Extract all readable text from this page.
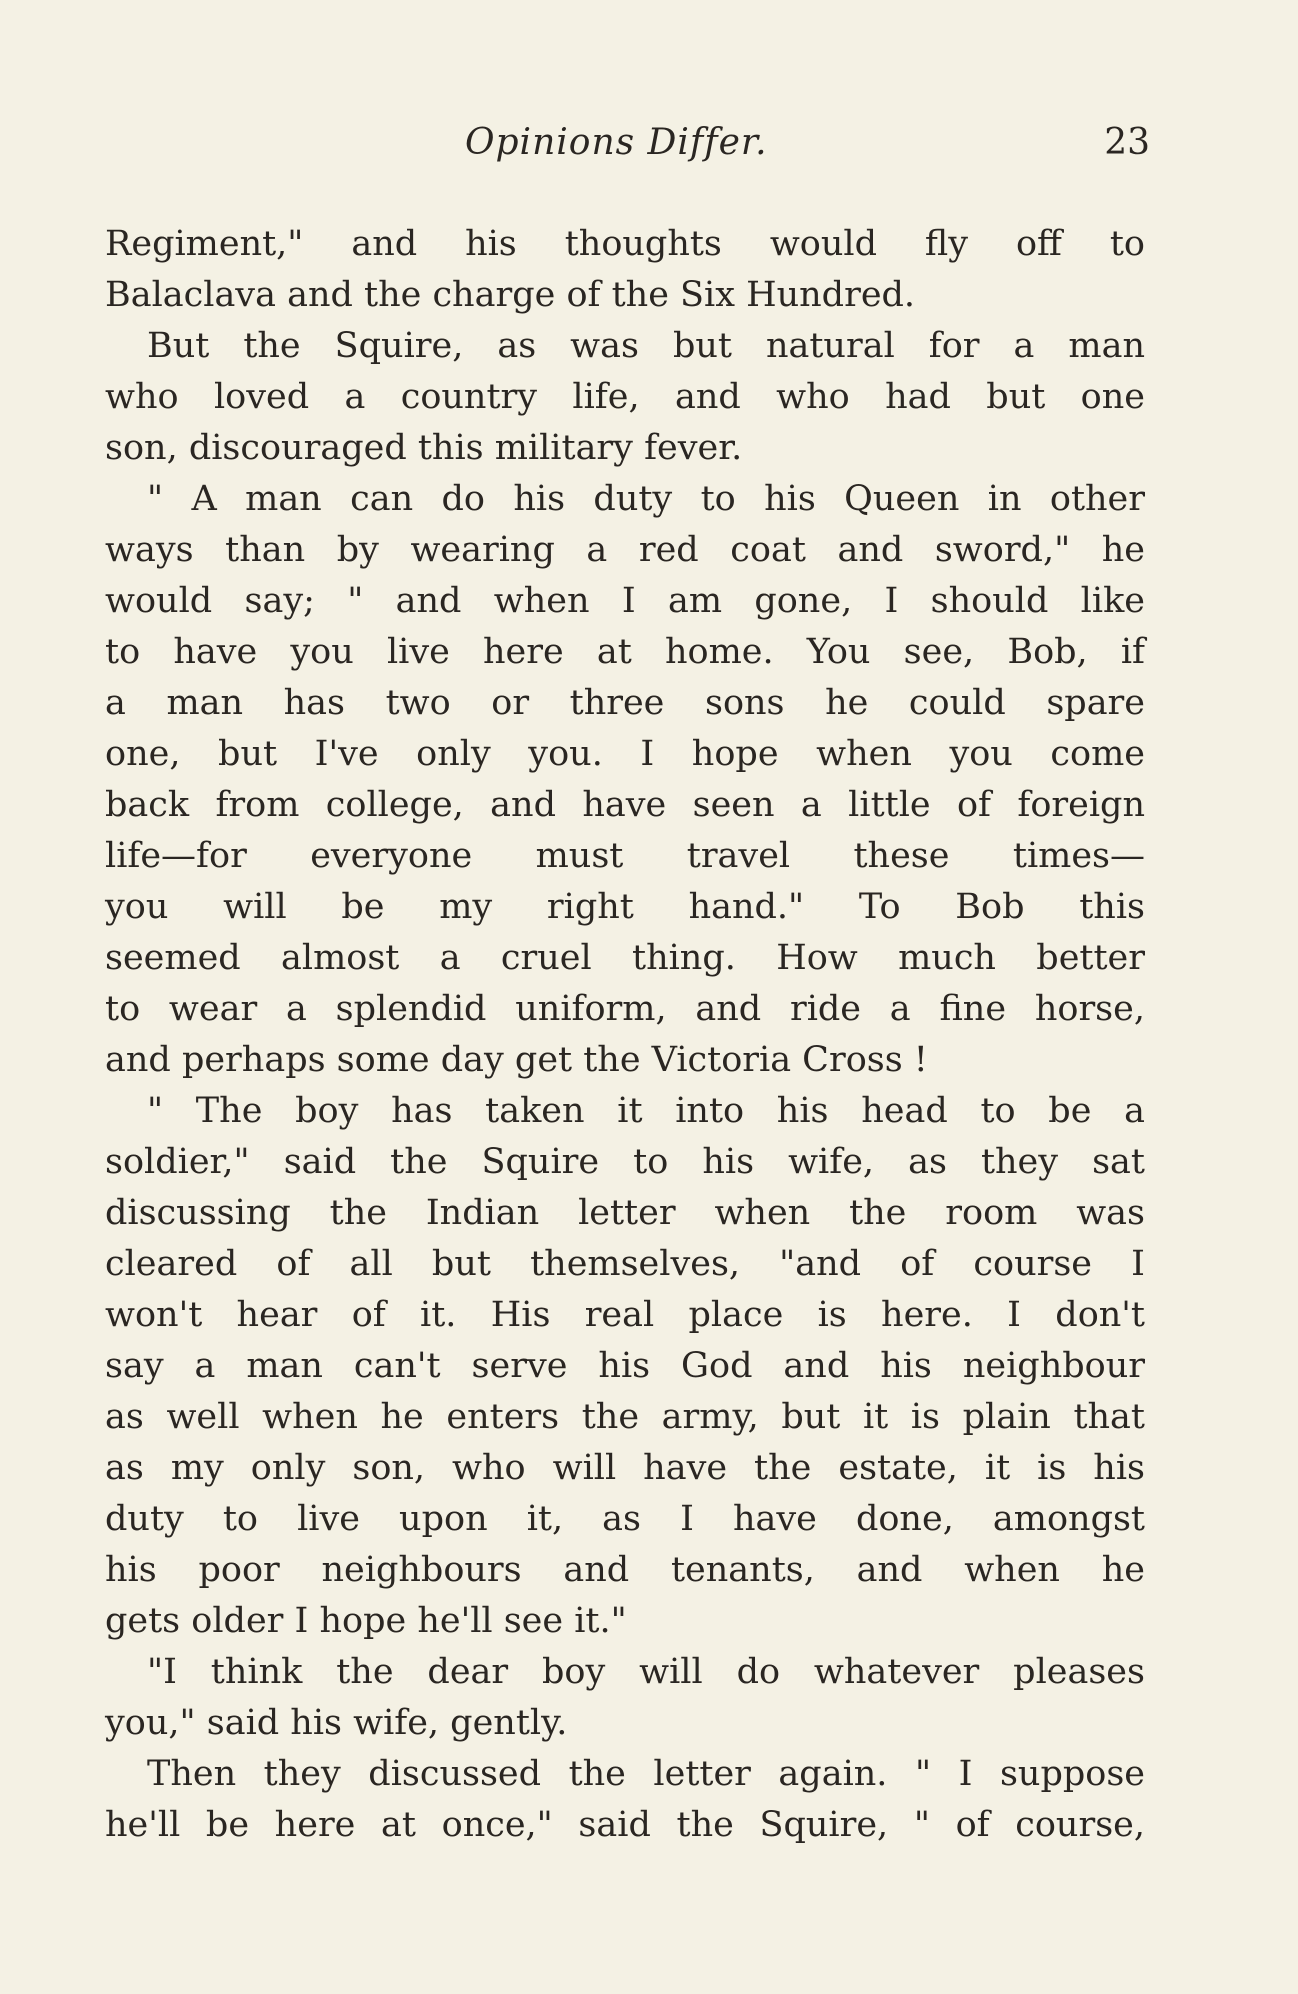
Opinions Differ.	23
Regiment," and his thoughts would fly off to
Balaclava and the charge of the Six Hundred.
But the Squire, as was but natural for a man
who loved a country life, and who had but one
son, discouraged this military fever.
" A man can do his duty to his Queen in other
ways than by wearing a red coat and sword," he
would say; " and when I am gone, I should like
to have you live here at home. You see, Bob, if
a man has two or three sons he could spare
one, but I've only you. I hope when you come
back from college, and have seen a little of foreign
life—for everyone must travel these times—
you will be my right hand." To Bob this
seemed almost a cruel thing. How much better
to wear a splendid uniform, and ride a fine horse,
and perhaps some day get the Victoria Cross !
" The boy has taken it into his head to be a
soldier," said the Squire to his wife, as they sat
discussing the Indian letter when the room was
cleared of all but themselves, "and of course I
won't hear of it. His real place is here. I don't
say a man can't serve his God and his neighbour
as well when he enters the army, but it is plain that
as my only son, who will have the estate, it is his
duty to live upon it, as I have done, amongst
his poor neighbours and tenants, and when he
gets older I hope he'll see it."
"I think the dear boy will do whatever pleases
you," said his wife, gently.
Then they discussed the letter again. " I suppose
he'll be here at once," said the Squire, " of course,
